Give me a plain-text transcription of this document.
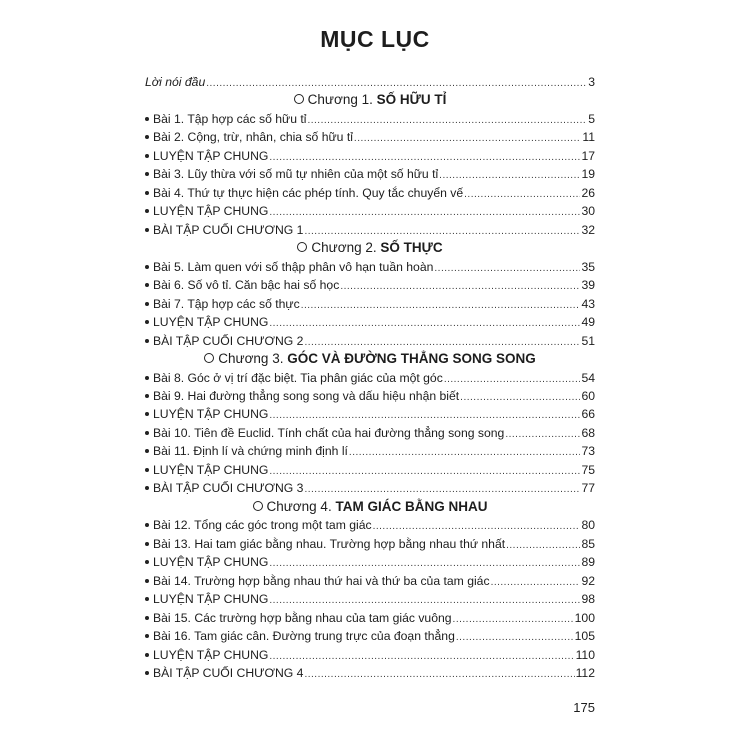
MỤC LỤC
Lời nói đầu .....	3
Chương 1. SỐ HỮU TỈ
Bài 1. Tập hợp các số hữu tỉ .....	5
Bài 2. Cộng, trừ, nhân, chia số hữu tỉ .....	11
LUYỆN TẬP CHUNG .....	17
Bài 3. Lũy thừa với số mũ tự nhiên của một số hữu tỉ .....	19
Bài 4. Thứ tự thực hiện các phép tính. Quy tắc chuyển vế .....	26
LUYỆN TẬP CHUNG .....	30
BÀI TẬP CUỐI CHƯƠNG 1 .....	32
Chương 2. SỐ THỰC
Bài 5. Làm quen với số thập phân vô hạn tuần hoàn .....	35
Bài 6. Số vô tỉ. Căn bậc hai số học .....	39
Bài 7. Tập hợp các số thực .....	43
LUYỆN TẬP CHUNG .....	49
BÀI TẬP CUỐI CHƯƠNG 2 .....	51
Chương 3. GÓC VÀ ĐƯỜNG THẲNG SONG SONG
Bài 8. Góc ở vị trí đặc biệt. Tia phân giác của một góc .....	54
Bài 9. Hai đường thẳng song song và dấu hiệu nhận biết .....	60
LUYỆN TẬP CHUNG .....	66
Bài 10. Tiên đề Euclid. Tính chất của hai đường thẳng song song .....	68
Bài 11. Định lí và chứng minh định lí .....	73
LUYỆN TẬP CHUNG .....	75
BÀI TẬP CUỐI CHƯƠNG 3 .....	77
Chương 4. TAM GIÁC BẰNG NHAU
Bài 12. Tổng các góc trong một tam giác .....	80
Bài 13. Hai tam giác bằng nhau. Trường hợp bằng nhau thứ nhất .....	85
LUYỆN TẬP CHUNG .....	89
Bài 14. Trường hợp bằng nhau thứ hai và thứ ba của tam giác .....	92
LUYỆN TẬP CHUNG .....	98
Bài 15. Các trường hợp bằng nhau của tam giác vuông .....	100
Bài 16. Tam giác cân. Đường trung trực của đoạn thẳng .....	105
LUYỆN TẬP CHUNG .....	110
BÀI TẬP CUỐI CHƯƠNG 4 .....	112
175
